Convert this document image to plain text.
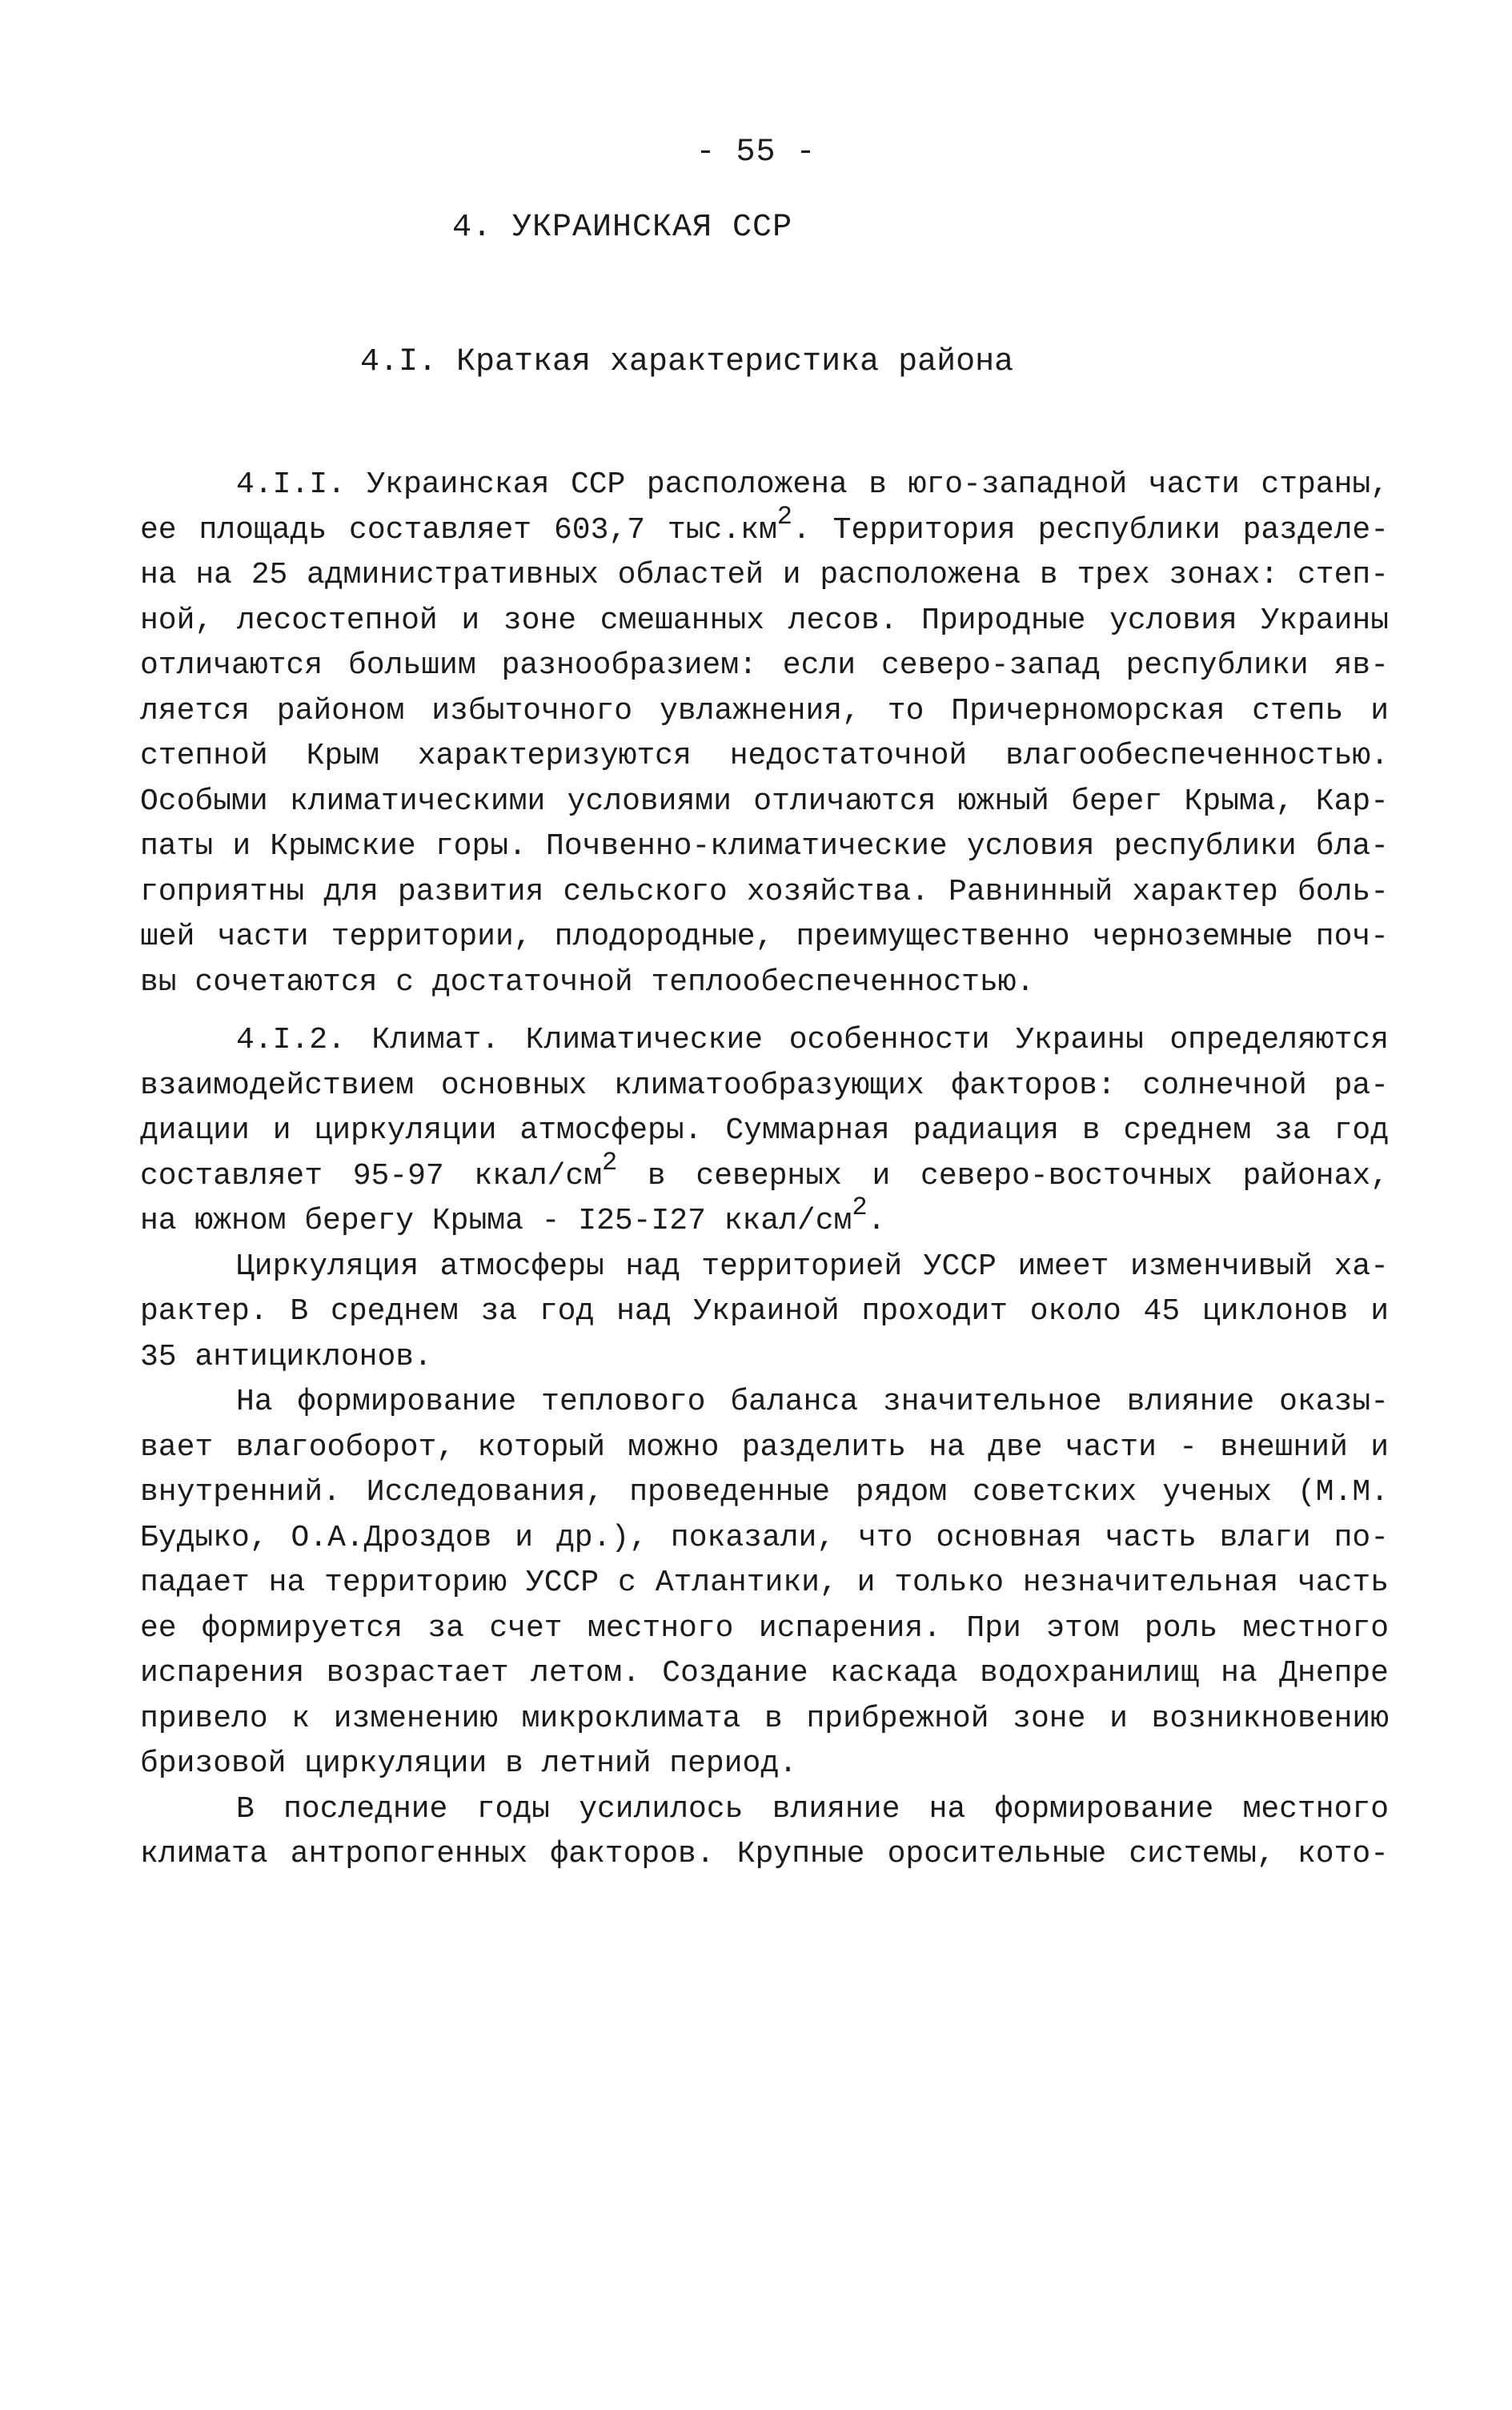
- 55 -
4. УКРАИНСКАЯ ССР
4.I. Краткая характеристика района
4.I.I. Украинская ССР расположена в юго-западной части страны,
ее площадь составляет 603,7 $тыс.км^2$. Территория республики разделе-
на на 25 административных областей и расположена в трех зонах: степ-
ной, лесостепной и зоне смешанных лесов. Природные условия Украины
отличаются большим разнообразием: если северо-запад республики яв-
ляется районом избыточного увлажнения, то Причерноморская степь и
степной Крым характеризуются недостаточной влагообеспеченностью.
Особыми климатическими условиями отличаются южный берег Крыма, Кар-
паты и Крымские горы. Почвенно-климатические условия республики бла-
гоприятны для развития сельского хозяйства. Равнинный характер боль-
шей части территории, плодородные, преимущественно черноземные поч-
вы сочетаются с достаточной теплообеспеченностью.
4.I.2. Климат. Климатические особенности Украины определяются
взаимодействием основных климатообразующих факторов: солнечной ра-
диации и циркуляции атмосферы. Суммарная радиация в среднем за год
составляет 95-97 ккал/$см^2$ в северных и северо-восточных районах,
на южном берегу Крыма - I25-I27 ккал/$см^2$.
Циркуляция атмосферы над территорией УССР имеет изменчивый ха-
рактер. В среднем за год над Украиной проходит около 45 циклонов и
35 антициклонов.
На формирование теплового баланса значительное влияние оказы-
вает влагооборот, который можно разделить на две части - внешний и
внутренний. Исследования, проведенные рядом советских ученых (М.М.
Будыко, О.А.Дроздов и др.), показали, что основная часть влаги по-
падает на территорию УССР с Атлантики, и только незначительная часть
ее формируется за счет местного испарения. При этом роль местного
испарения возрастает летом. Создание каскада водохранилищ на Днепре
привело к изменению микроклимата в прибрежной зоне и возникновению
бризовой циркуляции в летний период.
В последние годы усилилось влияние на формирование местного
климата антропогенных факторов. Крупные оросительные системы, кото-
